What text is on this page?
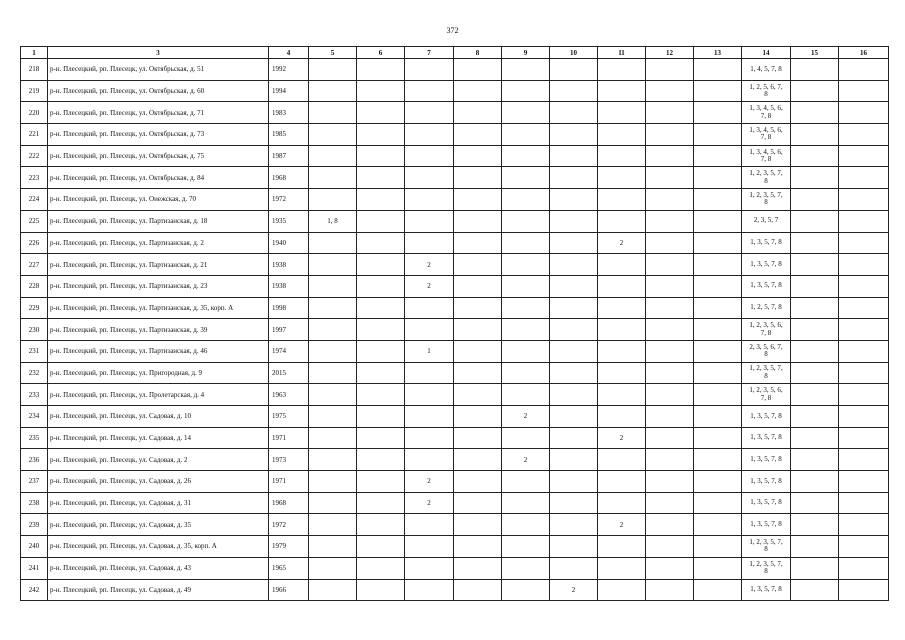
372
1	3	4	5	6	7	8	9	10	11	12	13	14	15	16
218	р-н. Плесецкий, рп. Плесецк, ул. Октябрьская, д. 51	1992										1, 4, 5, 7, 8		
219	р-н. Плесецкий, рп. Плесецк, ул. Октябрьская, д. 60	1994										1, 2, 5, 6, 7, 8		
220	р-н. Плесецкий, рп. Плесецк, ул. Октябрьская, д. 71	1983										1, 3, 4, 5, 6, 7, 8		
221	р-н. Плесецкий, рп. Плесецк, ул. Октябрьская, д. 73	1985										1, 3, 4, 5, 6, 7, 8		
222	р-н. Плесецкий, рп. Плесецк, ул. Октябрьская, д. 75	1987										1, 3, 4, 5, 6, 7, 8		
223	р-н. Плесецкий, рп. Плесецк, ул. Октябрьская, д. 84	1968										1, 2, 3, 5, 7, 8		
224	р-н. Плесецкий, рп. Плесецк, ул. Онежская, д. 70	1972										1, 2, 3, 5, 7, 8		
225	р-н. Плесецкий, рп. Плесецк, ул. Партизанская, д. 18	1935	1, 8									2, 3, 5, 7		
226	р-н. Плесецкий, рп. Плесецк, ул. Партизанская, д. 2	1940							2			1, 3, 5, 7, 8		
227	р-н. Плесецкий, рп. Плесецк, ул. Партизанская, д. 21	1938			2							1, 3, 5, 7, 8		
228	р-н. Плесецкий, рп. Плесецк, ул. Партизанская, д. 23	1938			2							1, 3, 5, 7, 8		
229	р-н. Плесецкий, рп. Плесецк, ул. Партизанская, д. 35, корп. А	1998										1, 2, 5, 7, 8		
230	р-н. Плесецкий, рп. Плесецк, ул. Партизанская, д. 39	1997										1, 2, 3, 5, 6, 7, 8		
231	р-н. Плесецкий, рп. Плесецк, ул. Партизанская, д. 46	1974			1							2, 3, 5, 6, 7, 8		
232	р-н. Плесецкий, рп. Плесецк, ул. Пригородная, д. 9	2015										1, 2, 3, 5, 7, 8		
233	р-н. Плесецкий, рп. Плесецк, ул. Пролетарская, д. 4	1963										1, 2, 3, 5, 6, 7, 8		
234	р-н. Плесецкий, рп. Плесецк, ул. Садовая, д. 10	1975					2					1, 3, 5, 7, 8		
235	р-н. Плесецкий, рп. Плесецк, ул. Садовая, д. 14	1971							2			1, 3, 5, 7, 8		
236	р-н. Плесецкий, рп. Плесецк, ул. Садовая, д. 2	1973					2					1, 3, 5, 7, 8		
237	р-н. Плесецкий, рп. Плесецк, ул. Садовая, д. 26	1971			2							1, 3, 5, 7, 8		
238	р-н. Плесецкий, рп. Плесецк, ул. Садовая, д. 31	1968			2							1, 3, 5, 7, 8		
239	р-н. Плесецкий, рп. Плесецк, ул. Садовая, д. 35	1972							2			1, 3, 5, 7, 8		
240	р-н. Плесецкий, рп. Плесецк, ул. Садовая, д. 35, корп. А	1979										1, 2, 3, 5, 7, 8		
241	р-н. Плесецкий, рп. Плесецк, ул. Садовая, д. 43	1965										1, 2, 3, 5, 7, 8		
242	р-н. Плесецкий, рп. Плесецк, ул. Садовая, д. 49	1966						2				1, 3, 5, 7, 8		
